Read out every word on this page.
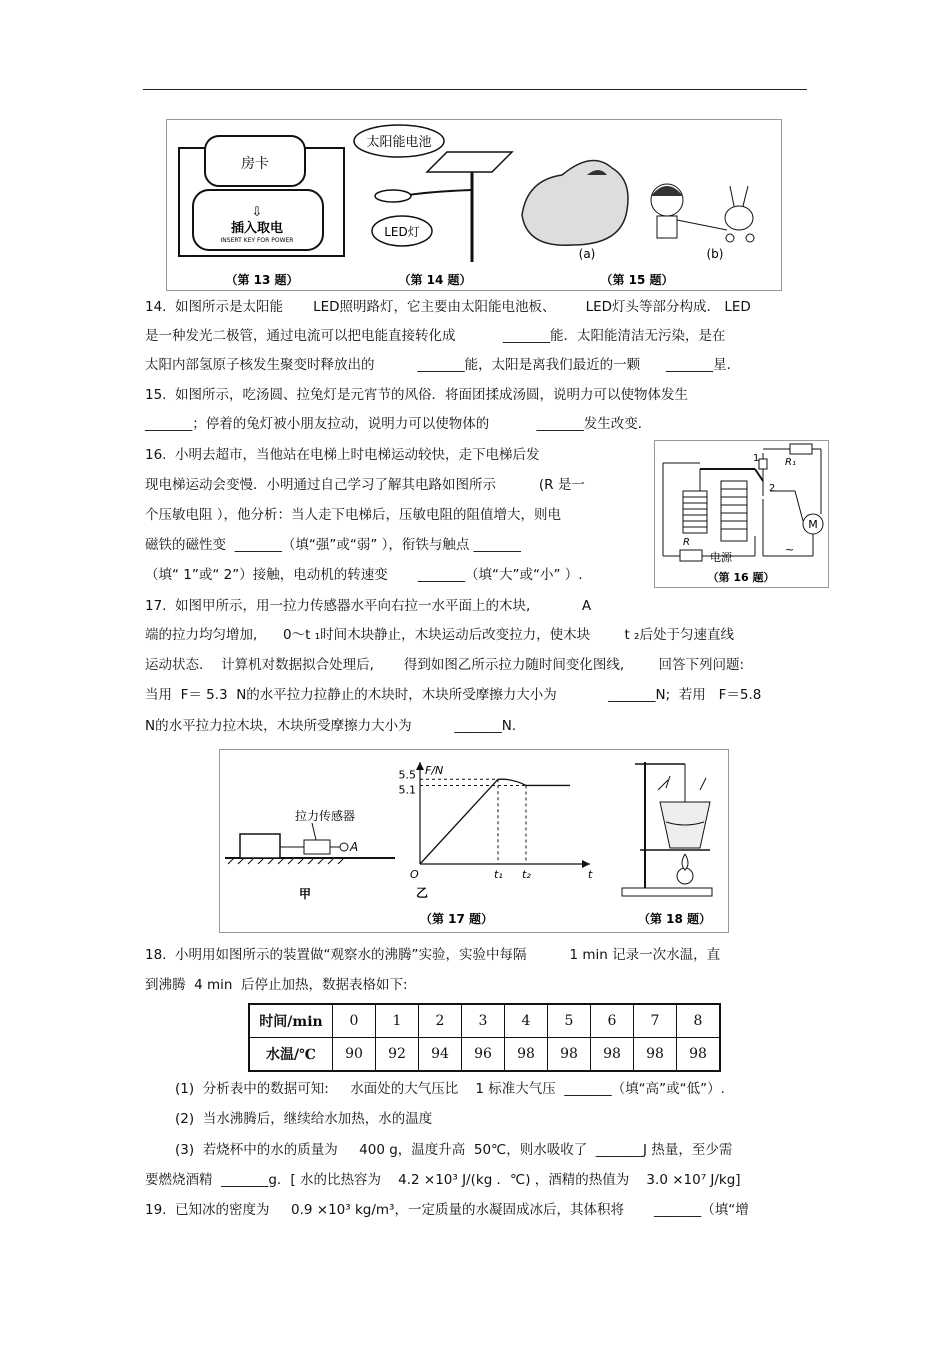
房卡
⇩
插入取电
INSERT KEY FOR POWER
（第 13 题）
太阳能电池
LED灯
（第 14 题）
(a)	(b)
（第 15 题）
14.  如图所示是太阳能       LED照明路灯，它主要由太阳能电池板、       LED灯头等部分构成． LED
是一种发光二极管，通过电流可以把电能直接转化成           _______能．太阳能清洁无污染，是在
太阳内部氢原子核发生聚变时释放出的          _______能，太阳是离我们最近的一颗      _______星．
15.  如图所示，吃汤圆、拉兔灯是元宵节的风俗．将面团揉成汤圆，说明力可以使物体发生
_______；停着的兔灯被小朋友拉动，说明力可以使物体的           _______发生改变．
16.  小明去超市，当他站在电梯上时电梯运动较快，走下电梯后发
现电梯运动会变慢．小明通过自己学习了解其电路如图所示          (R 是一
个压敏电阻 ），他分析：当人走下电梯后，压敏电阻的阻值增大，则电
磁铁的磁性变  _______（填“强”或“弱” ），衔铁与触点 _______
（填“ 1”或“ 2”）接触，电动机的转速变       _______（填“大”或“小” ）.
1
2
R₁
M
R
电源
~
（第 16 题）
17.  如图甲所示，用一拉力传感器水平向右拉一水平面上的木块,            A
端的拉力均匀增加,      0～t ₁时间木块静止，木块运动后改变拉力，使木块        t ₂后处于匀速直线
运动状态．  计算机对数据拟合处理后,       得到如图乙所示拉力随时间变化图线,        回答下列问题:
当用  F＝ 5.3  N的水平拉力拉静止的木块时，木块所受摩擦力大小为            _______N;  若用   F＝5.8
N的水平拉力拉木块，木块所受摩擦力大小为          _______N.
A
拉力传感器
甲
F/N
t
O
乙
5.1
5.5
t₁ t₂
（第 17 题）	（第 18 题）
18.  小明用如图所示的装置做“观察水的沸腾”实验，实验中每隔          1 min 记录一次水温，直
到沸腾  4 min  后停止加热，数据表格如下:
时间/min	0	1	2	3	4	5	6	7	8
水温/℃	90	92	94	96	98	98	98	98	98
(1)  分析表中的数据可知:     水面处的大气压比    1 标准大气压  _______（填“高”或“低”）.
(2)  当水沸腾后，继续给水加热，水的温度
(3)  若烧杯中的水的质量为     400 g，温度升高  50℃，则水吸收了  _______J 热量，至少需
要燃烧酒精  _______g．[ 水的比热容为    4.2 ×10³ J/(kg ．℃) ，酒精的热值为    3.0 ×10⁷ J/kg]
19.  已知冰的密度为     0.9 ×10³ kg/m³，一定质量的水凝固成冰后，其体积将       _______（填“增
